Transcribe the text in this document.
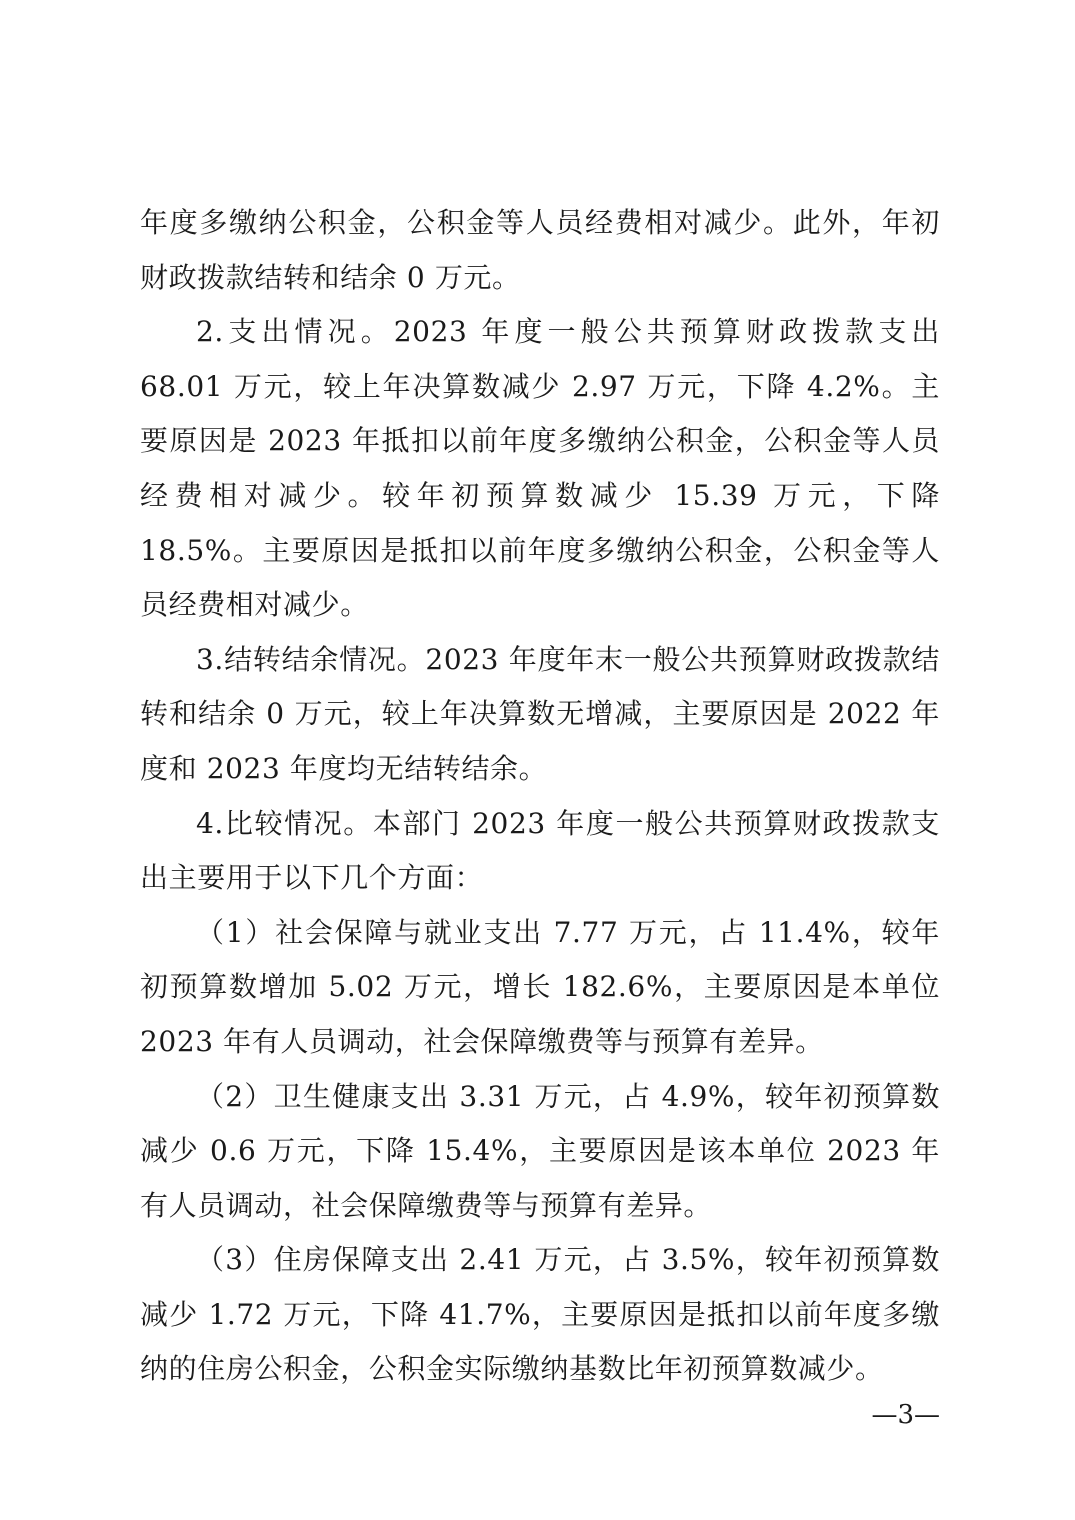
年度多缴纳公积金，公积金等人员经费相对减少。此外，年初财政拨款结转和结余 0 万元。

2.支出情况。2023 年度一般公共预算财政拨款支出 68.01 万元，较上年决算数减少 2.97 万元，下降 4.2%。主要原因是 2023 年抵扣以前年度多缴纳公积金，公积金等人员经费相对减少。较年初预算数减少 15.39 万元，下降 18.5%。主要原因是抵扣以前年度多缴纳公积金，公积金等人员经费相对减少。

3.结转结余情况。2023 年度年末一般公共预算财政拨款结转和结余 0 万元，较上年决算数无增减，主要原因是 2022 年度和 2023 年度均无结转结余。

4.比较情况。本部门 2023 年度一般公共预算财政拨款支出主要用于以下几个方面：

（1）社会保障与就业支出 7.77 万元，占 11.4%，较年初预算数增加 5.02 万元，增长 182.6%，主要原因是本单位 2023 年有人员调动，社会保障缴费等与预算有差异。

（2）卫生健康支出 3.31 万元，占 4.9%，较年初预算数减少 0.6 万元，下降 15.4%，主要原因是该本单位 2023 年有人员调动，社会保障缴费等与预算有差异。

（3）住房保障支出 2.41 万元，占 3.5%，较年初预算数减少 1.72 万元，下降 41.7%，主要原因是抵扣以前年度多缴纳的住房公积金，公积金实际缴纳基数比年初预算数减少。

—3—
